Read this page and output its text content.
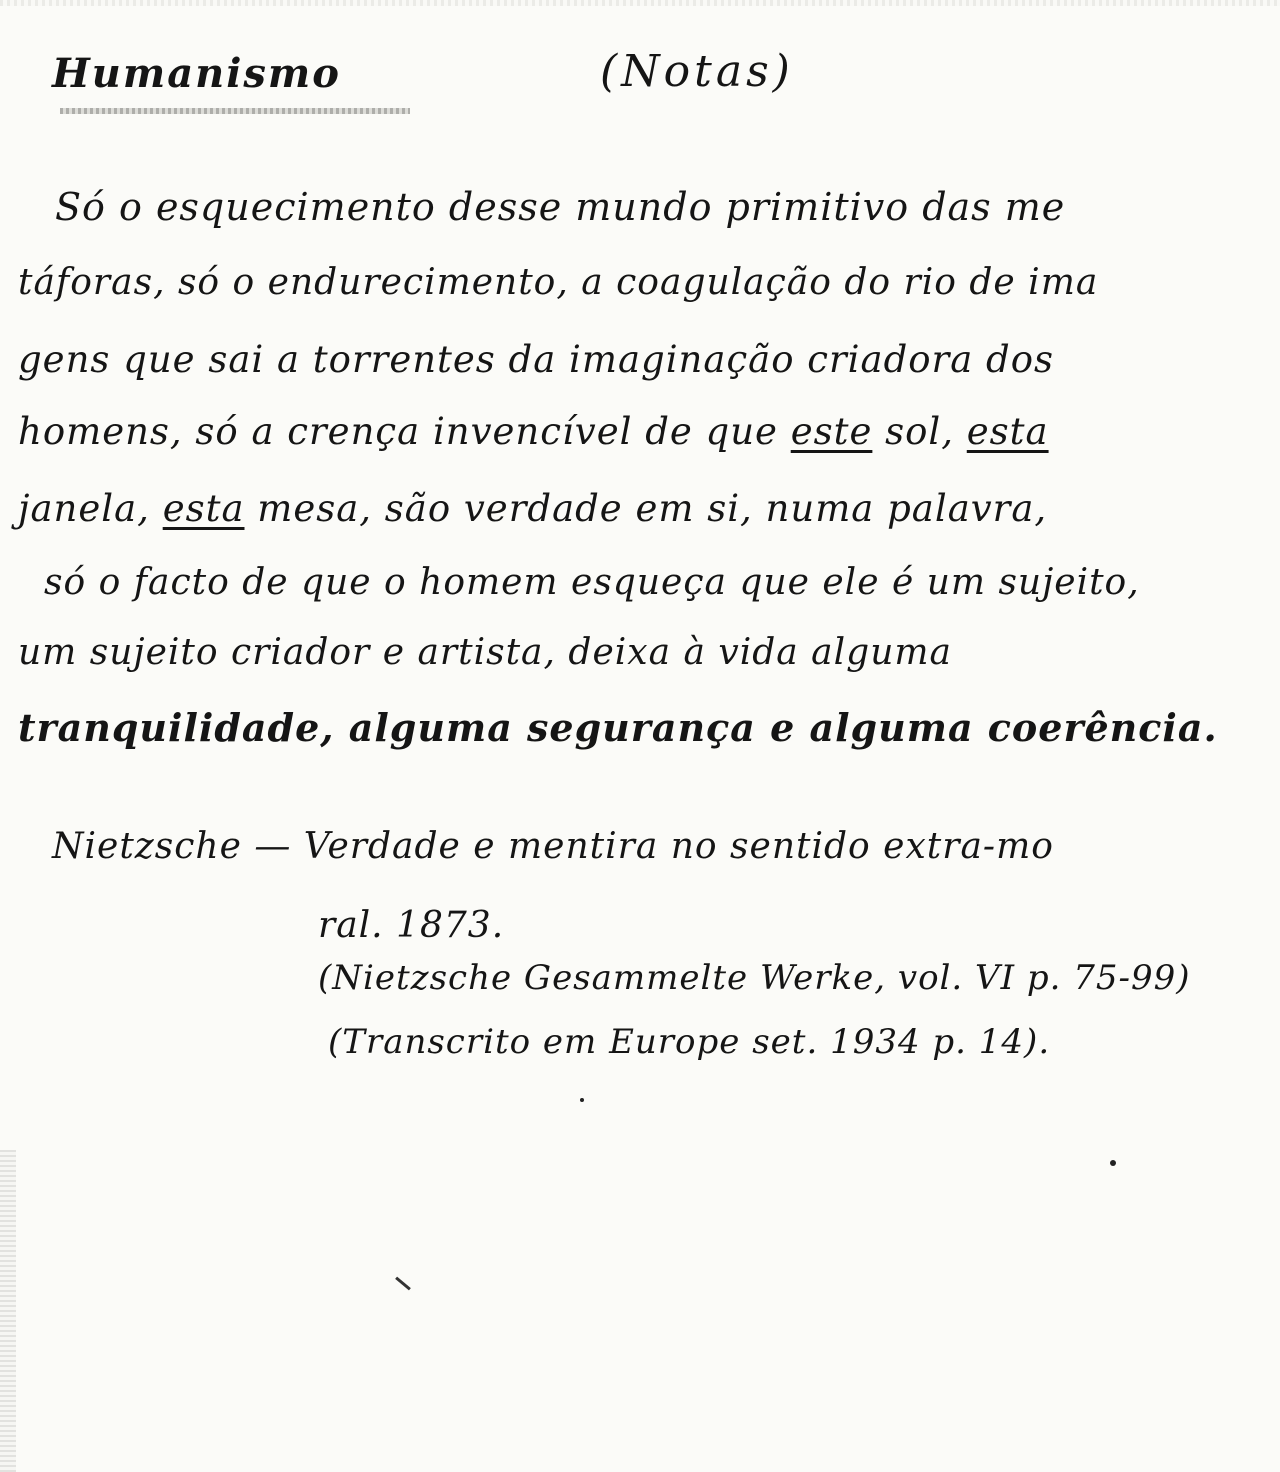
Humanismo	(Notas)
Só o esquecimento desse mundo primitivo das me
táforas, só o endurecimento, a coagulação do rio de ima
gens que sai a torrentes da imaginação criadora dos
homens, só a crença invencível de que este sol, esta
janela, esta mesa, são verdade em si, numa palavra,
só o facto de que o homem esqueça que ele é um sujeito,
um sujeito criador e artista, deixa à vida alguma
tranquilidade, alguma segurança e alguma coerência.
Nietzsche — Verdade e mentira no sentido extra-mo
ral. 1873.
(Nietzsche Gesammelte Werke, vol. VI p. 75-99)
(Transcrito em Europe set. 1934 p. 14).
